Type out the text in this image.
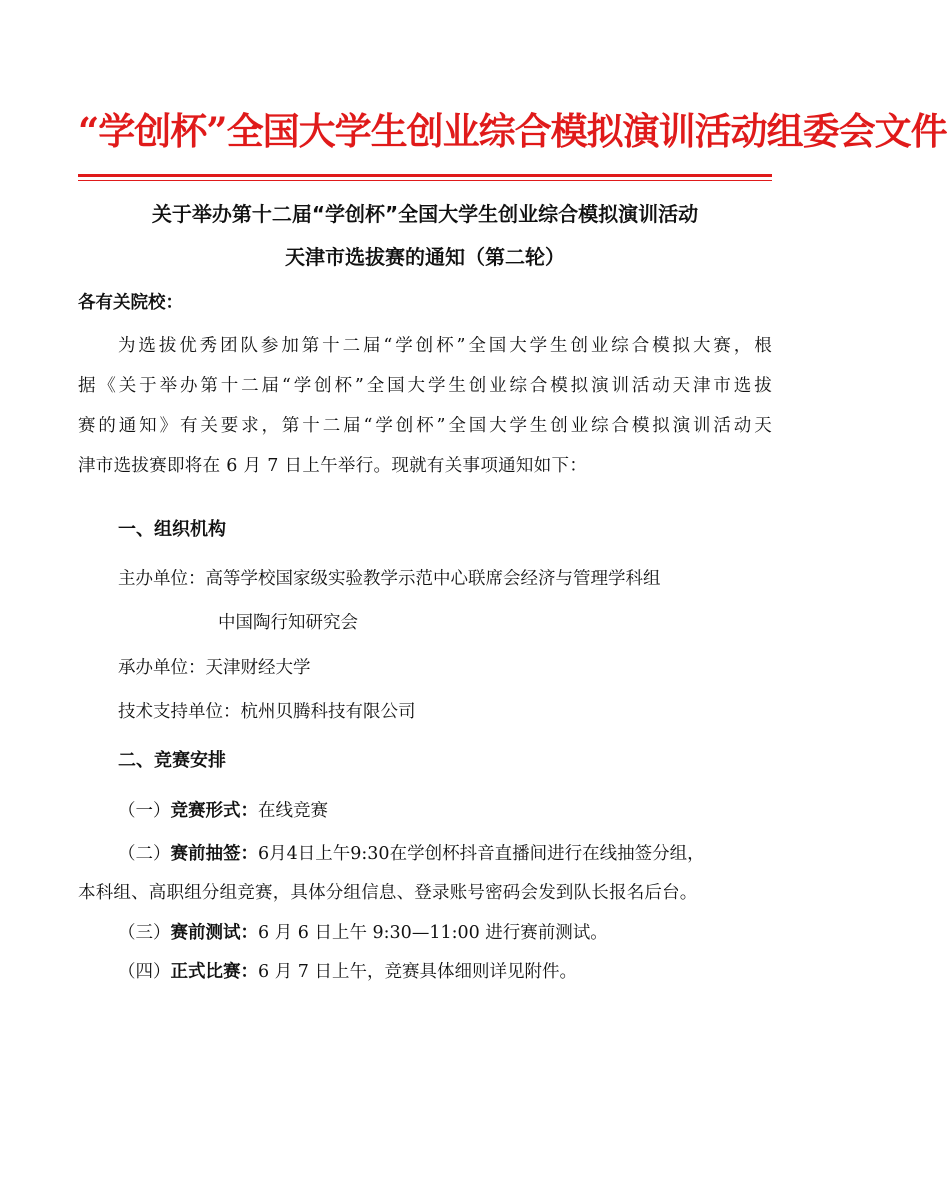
“学创杯”全国大学生创业综合模拟演训活动组委会文件
关于举办第十二届“学创杯”全国大学生创业综合模拟演训活动
天津市选拔赛的通知（第二轮）
各有关院校：
为选拔优秀团队参加第十二届“学创杯”全国大学生创业综合模拟大赛，根
据《关于举办第十二届“学创杯”全国大学生创业综合模拟演训活动天津市选拔
赛的通知》有关要求，第十二届“学创杯”全国大学生创业综合模拟演训活动天
津市选拔赛即将在 6 月 7 日上午举行。现就有关事项通知如下：
一、组织机构
主办单位：高等学校国家级实验教学示范中心联席会经济与管理学科组
中国陶行知研究会
承办单位：天津财经大学
技术支持单位：杭州贝腾科技有限公司
二、竞赛安排
（一）竞赛形式：在线竞赛
（二）赛前抽签：6月4日上午9:30在学创杯抖音直播间进行在线抽签分组，
本科组、高职组分组竞赛，具体分组信息、登录账号密码会发到队长报名后台。
（三）赛前测试：6 月 6 日上午 9:30—11:00 进行赛前测试。
（四）正式比赛：6 月 7 日上午，竞赛具体细则详见附件。
